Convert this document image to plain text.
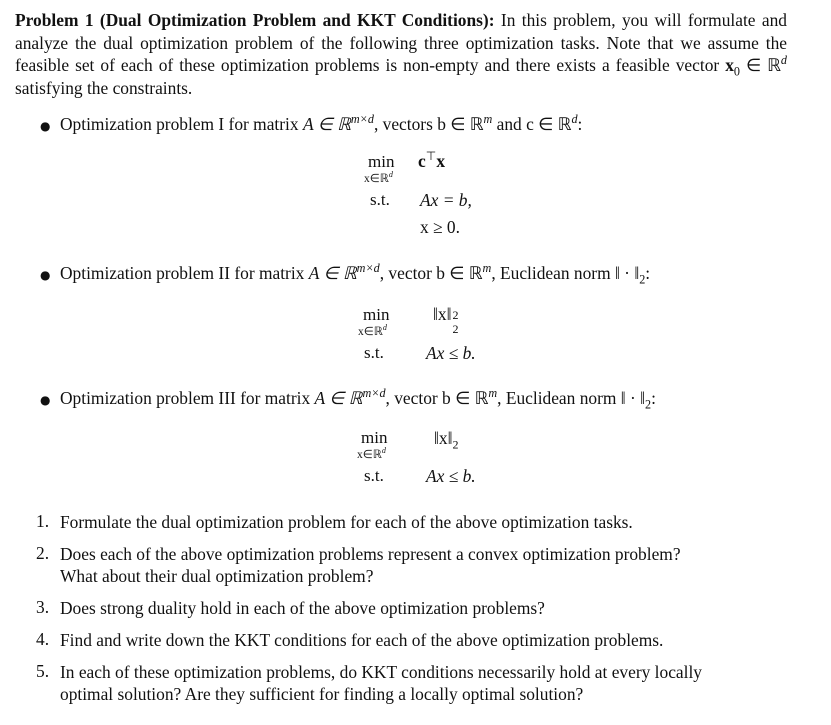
Problem 1 (Dual Optimization Problem and KKT Conditions): In this problem, you will formulate and analyze the dual optimization problem of the following three optimization tasks. Note that we assume the feasible set of each of these optimization problems is non-empty and there exists a feasible vector $x_0$ ∈ ℝ$^d$ satisfying the constraints.
● Optimization problem I for matrix A ∈ ℝ$^{m\times d}$, vectors b ∈ ℝ$^m$ and c ∈ ℝ$^d$:
min
x∈ℝ$^d$
c⊤x
s.t. Ax = b,
x ≥ 0.
● Optimization problem II for matrix A ∈ ℝ$^{m\times d}$, vector b ∈ ℝ$^m$, Euclidean norm ‖ · $‖_2$:
min
x∈ℝ$^d$
‖x‖ 2
2
s.t. Ax ≤ b.
● Optimization problem III for matrix A ∈ ℝ$^{m\times d}$, vector b ∈ ℝ$^m$, Euclidean norm ‖ · $‖_2$:
min
x∈ℝ$^d$
$‖x‖_2$
s.t. Ax ≤ b.
1. Formulate the dual optimization problem for each of the above optimization tasks.
2. Does each of the above optimization problems represent a convex optimization problem?
What about their dual optimization problem?
3. Does strong duality hold in each of the above optimization problems?
4. Find and write down the KKT conditions for each of the above optimization problems.
5. In each of these optimization problems, do KKT conditions necessarily hold at every locally
optimal solution? Are they sufficient for finding a locally optimal solution?
